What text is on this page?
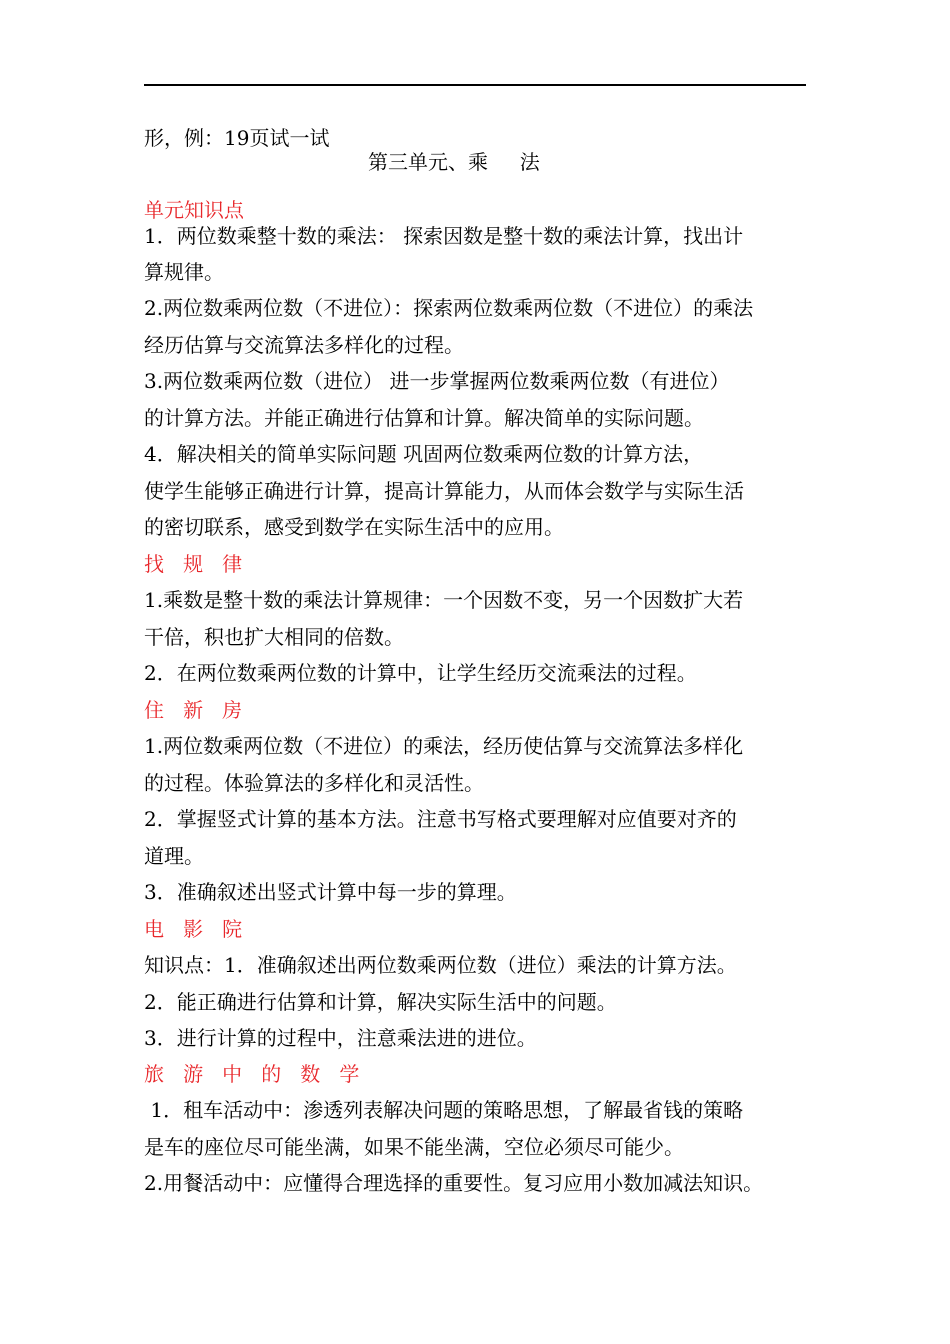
形，例：19页试一试
第三单元、乘     法
单元知识点
1．两位数乘整十数的乘法： 探索因数是整十数的乘法计算，找出计
算规律。
2.两位数乘两位数（不进位）：探索两位数乘两位数（不进位）的乘法
经历估算与交流算法多样化的过程。
3.两位数乘两位数（进位） 进一步掌握两位数乘两位数（有进位）
的计算方法。并能正确进行估算和计算。解决简单的实际问题。
4．解决相关的简单实际问题 巩固两位数乘两位数的计算方法，
使学生能够正确进行计算，提高计算能力，从而体会数学与实际生活
的密切联系，感受到数学在实际生活中的应用。
找   规   律
1.乘数是整十数的乘法计算规律：一个因数不变，另一个因数扩大若
干倍，积也扩大相同的倍数。
2．在两位数乘两位数的计算中，让学生经历交流乘法的过程。
住   新   房
1.两位数乘两位数（不进位）的乘法，经历使估算与交流算法多样化
的过程。体验算法的多样化和灵活性。
2．掌握竖式计算的基本方法。注意书写格式要理解对应值要对齐的
道理。
3．准确叙述出竖式计算中每一步的算理。
电   影   院
知识点：1．准确叙述出两位数乘两位数（进位）乘法的计算方法。
2．能正确进行估算和计算，解决实际生活中的问题。
3．进行计算的过程中，注意乘法进的进位。
旅   游   中   的   数   学
1．租车活动中：渗透列表解决问题的策略思想，了解最省钱的策略
是车的座位尽可能坐满，如果不能坐满，空位必须尽可能少。
2.用餐活动中：应懂得合理选择的重要性。复习应用小数加减法知识。
